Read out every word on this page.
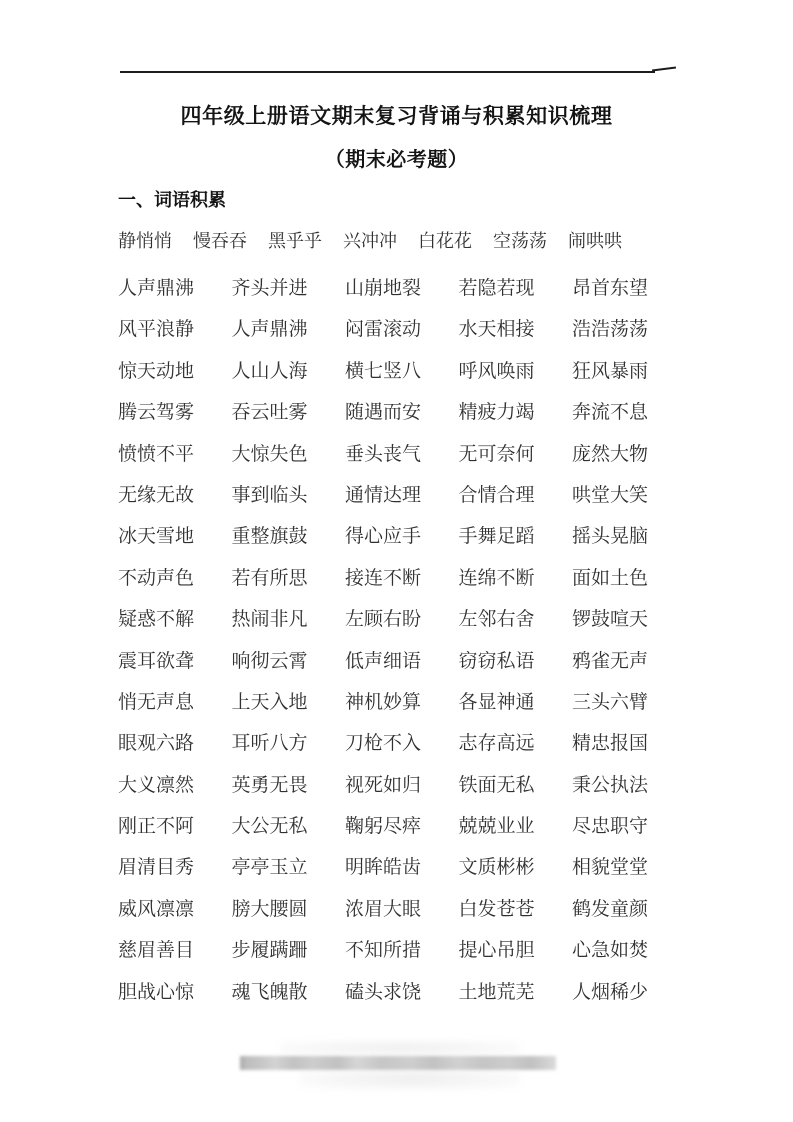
四年级上册语文期末复习背诵与积累知识梳理
（期末必考题）
一、词语积累
静悄悄 慢吞吞 黑乎乎 兴冲冲 白花花 空荡荡 闹哄哄
人声鼎沸 齐头并进 山崩地裂 若隐若现 昂首东望
风平浪静 人声鼎沸 闷雷滚动 水天相接 浩浩荡荡
惊天动地 人山人海 横七竖八 呼风唤雨 狂风暴雨
腾云驾雾 吞云吐雾 随遇而安 精疲力竭 奔流不息
愤愤不平 大惊失色 垂头丧气 无可奈何 庞然大物
无缘无故 事到临头 通情达理 合情合理 哄堂大笑
冰天雪地 重整旗鼓 得心应手 手舞足蹈 摇头晃脑
不动声色 若有所思 接连不断 连绵不断 面如土色
疑惑不解 热闹非凡 左顾右盼 左邻右舍 锣鼓喧天
震耳欲聋 响彻云霄 低声细语 窃窃私语 鸦雀无声
悄无声息 上天入地 神机妙算 各显神通 三头六臂
眼观六路 耳听八方 刀枪不入 志存高远 精忠报国
大义凛然 英勇无畏 视死如归 铁面无私 秉公执法
刚正不阿 大公无私 鞠躬尽瘁 兢兢业业 尽忠职守
眉清目秀 亭亭玉立 明眸皓齿 文质彬彬 相貌堂堂
威风凛凛 膀大腰圆 浓眉大眼 白发苍苍 鹤发童颜
慈眉善目 步履蹒跚 不知所措 提心吊胆 心急如焚
胆战心惊 魂飞魄散 磕头求饶 土地荒芜 人烟稀少
